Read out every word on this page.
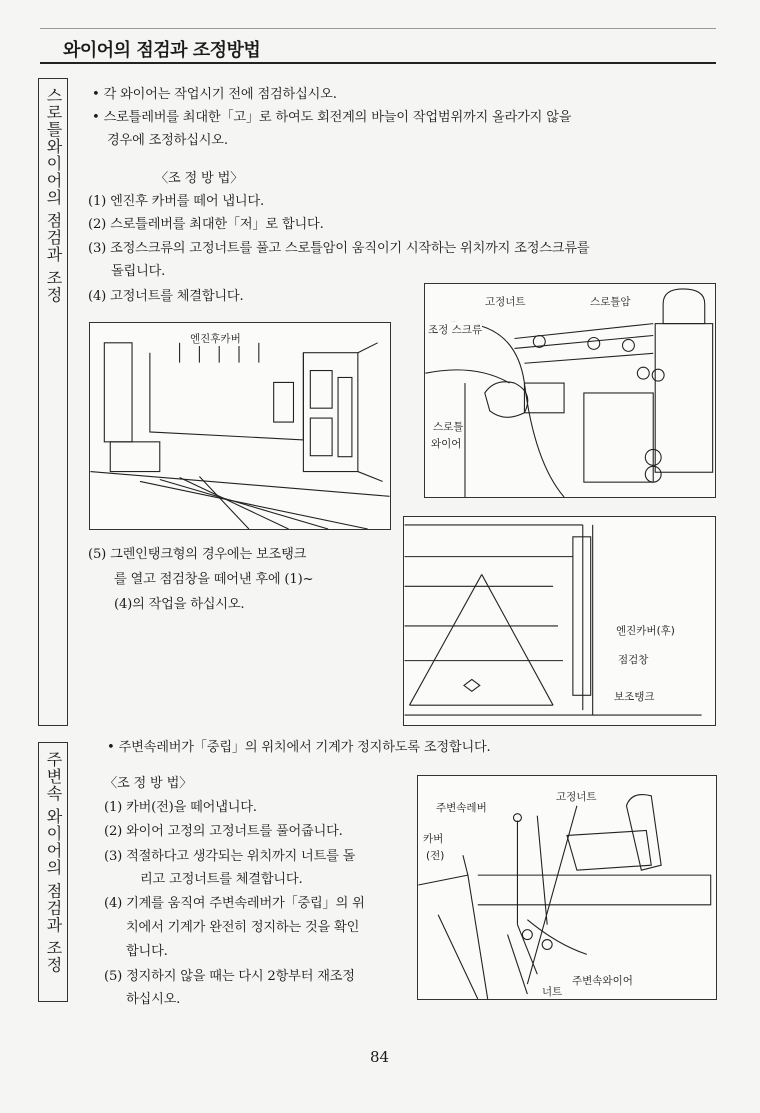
와이어의 점검과 조정방법
스로틀와이어의 점검과 조정 • 각 와이어는 작업시기 전에 점검하십시오.
• 스로틀레버를 최대한「고」로 하여도 회전계의 바늘이 작업범위까지 올라가지 않을
경우에 조정하십시오.
〈조 정 방 법〉
(1) 엔진후 카버를 떼어 냅니다.
(2) 스로틀레버를 최대한「저」로 합니다.
(3) 조정스크류의 고정너트를 풀고 스로틀암이 움직이기 시작하는 위치까지 조정스크류를
돌립니다.
(4) 고정너트를 체결합니다.
엔진후카버
고정너트	스로틀암
조정 스크류
스로틀
와이어
(5) 그렌인탱크형의 경우에는 보조탱크
를 열고 점검창을 떼어낸 후에 (1)~
(4)의 작업을 하십시오.
엔진카버(후)
점검창
보조탱크
주변속 와이어의 점검과 조정
• 주변속레버가「중립」의 위치에서 기계가 정지하도록 조정합니다.
〈조 정 방 법〉
(1) 카버(전)을 떼어냅니다.
(2) 와이어 고정의 고정너트를 풀어줍니다.
(3) 적절하다고 생각되는 위치까지 너트를 돌
리고 고정너트를 체결합니다.
(4) 기계를 움직여 주변속레버가「중립」의 위
치에서 기계가 완전히 정지하는 것을 확인
합니다.
(5) 정지하지 않을 때는 다시 2항부터 재조정
하십시오.
고정너트
주변속레버
카버
(전)
주변속와이어
너트
84
